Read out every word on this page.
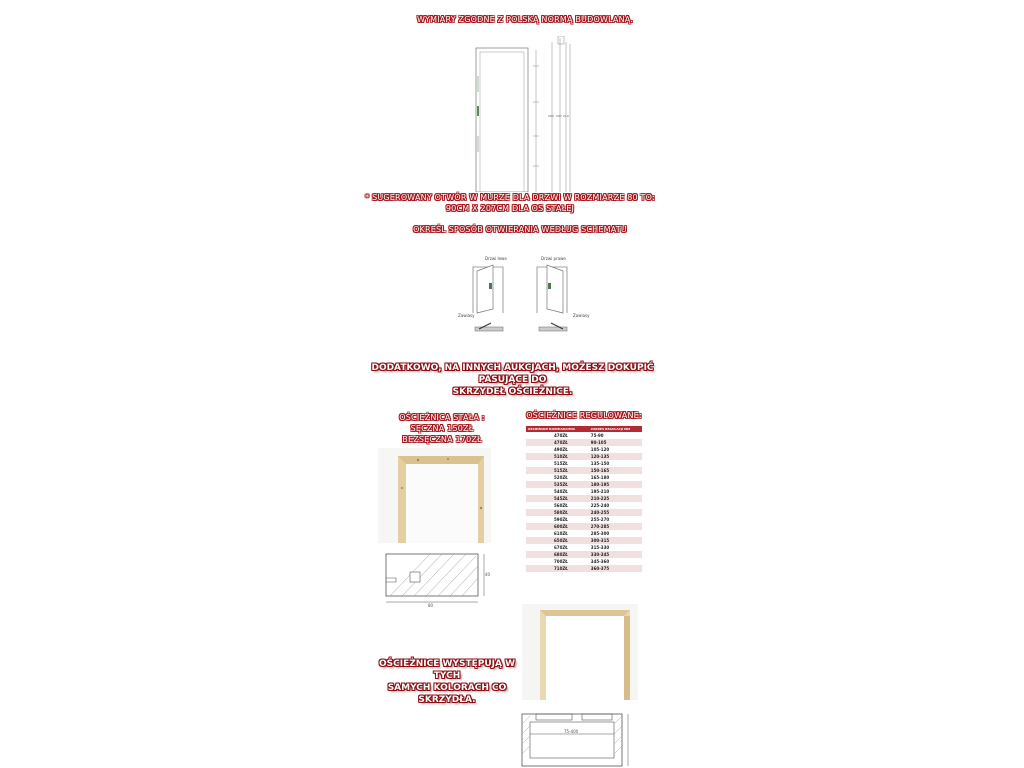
WYMIARY ZGODNE Z POLSKĄ NORMĄ BUDOWLANĄ.
203 207 210
* SUGEROWANY OTWÓR W MURZE DLA DRZWI W ROZMIARZE 80 TO:
90CM X 207CM DLA OS STAŁEJ
OKREŚL SPOSÓB OTWIERANIA WEDŁUG SCHEMATU
Drzwi lewe	Drzwi prawe
Zawiasy	Zawiasy
DODATKOWO, NA INNYCH AUKCJACH, MOŻESZ DOKUPIĆ PASUJĄCE DO
SKRZYDEŁ OŚCIEŻNICE.
OŚCIEŻNICA STAŁA :
SĘCZNA 150ZŁ
BEZSĘCZNA 170ZŁ
80
40
OŚCIEŻNICE REGULOWANE:
OŚCIEŻNICE ROZMIAR/CENA	ZAKRES REGULACJI MM
470ZŁ	75-90
470ZŁ	90-105
490ZŁ	105-120
510ZŁ	120-135
515ZŁ	135-150
515ZŁ	150-165
520ZŁ	165-180
535ZŁ	180-195
540ZŁ	195-210
545ZŁ	210-225
560ZŁ	225-240
580ZŁ	240-255
590ZŁ	255-270
600ZŁ	270-285
610ZŁ	285-300
650ZŁ	300-315
670ZŁ	315-330
680ZŁ	330-345
700ZŁ	345-360
710ZŁ	360-375
OŚCIEŻNICE WYSTĘPUJĄ W TYCH
SAMYCH KOLORACH CO SKRZYDŁA.
75-400
